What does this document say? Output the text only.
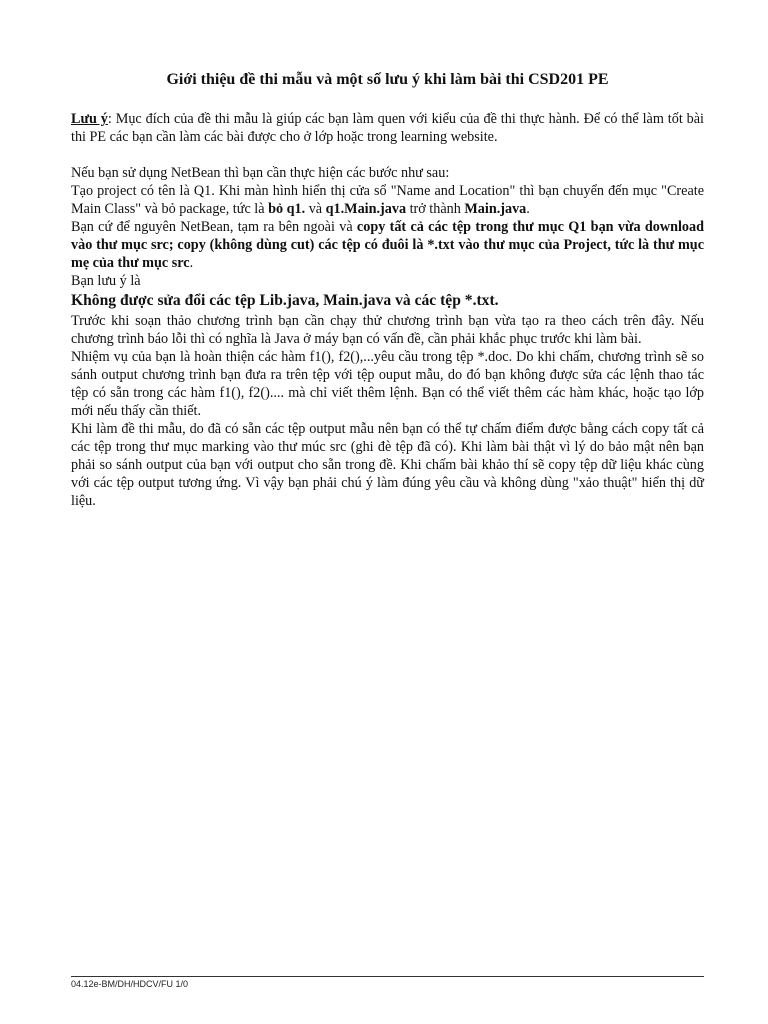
Giới thiệu đề thi mẫu và một số lưu ý khi làm bài thi CSD201 PE

Lưu ý: Mục đích của đề thi mẫu là giúp các bạn làm quen với kiểu của đề thi thực hành. Để có thể làm tốt bài thi PE các bạn cần làm các bài được cho ở lớp hoặc trong learning website.

Nếu bạn sử dụng NetBean thì bạn cần thực hiện các bước như sau:

Tạo project có tên là Q1. Khi màn hình hiển thị cửa sổ "Name and Location" thì bạn chuyển đến mục "Create Main Class" và bỏ package, tức là bỏ q1. và q1.Main.java trở thành Main.java.

Bạn cứ để nguyên NetBean, tạm ra bên ngoài và copy tất cả các tệp trong thư mục Q1 bạn vừa download vào thư mục src; copy (không dùng cut) các tệp có đuôi là *.txt vào thư mục của Project, tức là thư mục mẹ của thư mục src.

Bạn lưu ý là

Không được sửa đổi các tệp Lib.java, Main.java và các tệp *.txt.

Trước khi soạn thảo chương trình bạn cần chạy thử chương trình bạn vừa tạo ra theo cách trên đây. Nếu chương trình báo lỗi thì có nghĩa là Java ở máy bạn có vấn đề, cần phải khắc phục trước khi làm bài.

Nhiệm vụ của bạn là hoàn thiện các hàm f1(), f2(),...yêu cầu trong tệp *.doc. Do khi chấm, chương trình sẽ so sánh output chương trình bạn đưa ra trên tệp với tệp ouput mẫu, do đó bạn không được sửa các lệnh thao tác tệp có sẵn trong các hàm f1(), f2().... mà chỉ viết thêm lệnh. Bạn có thể viết thêm các hàm khác, hoặc tạo lớp mới nếu thấy cần thiết.

Khi làm đề thi mẫu, do đã có sẵn các tệp output mẫu nên bạn có thể tự chấm điểm được bằng cách copy tất cả các tệp trong thư mục marking vào thư múc src (ghi đè tệp đã có). Khi làm bài thật vì lý do bảo mật nên bạn phải so sánh output của bạn với output cho sẵn trong đề. Khi chấm bài khảo thí sẽ copy tệp dữ liệu khác cùng với các tệp output tương ứng. Vì vậy bạn phải chú ý làm đúng yêu cầu và không dùng "xảo thuật" hiển thị dữ liệu.

04.12e-BM/DH/HDCV/FU 1/0
